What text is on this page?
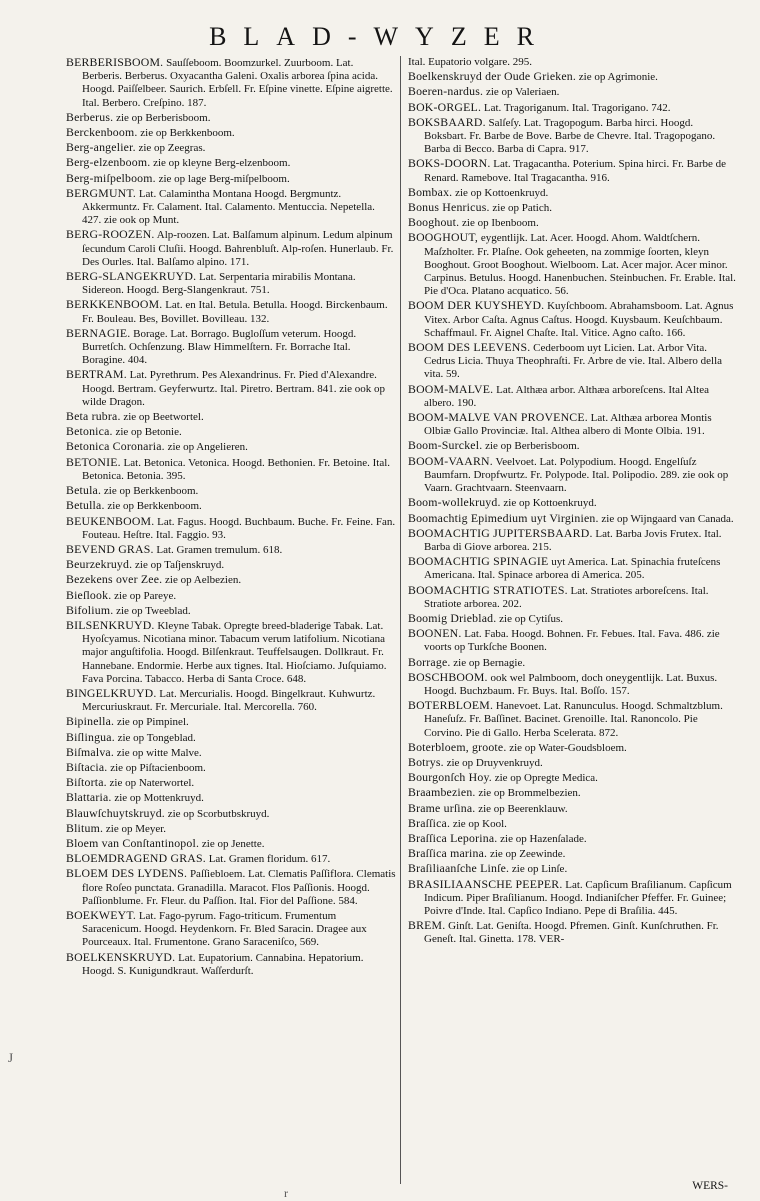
BLAD-WYZER
BERBERISBOOM. Sauſſeboom. Boomzurkel. Zuurboom. Lat. Berberis. Berberus. Oxyacantha Galeni. Oxalis arborea ſpina acida. Hoogd. Paiſſelbeer. Saurich. Erbſell. Fr. Eſpine vinette. Eſpine aigrette. Ital. Berbero. Creſpino. 187.
Berberus. zie op Berberisboom.
Berckenboom. zie op Berkkenboom.
Berg-angelier. zie op Zeegras.
Berg-elzenboom. zie op kleyne Berg-elzenboom.
Berg-miſpelboom. zie op lage Berg-miſpelboom.
BERGMUNT. Lat. Calamintha Montana Hoogd. Bergmuntz. Akkermuntz. Fr. Calament. Ital. Calamento. Mentuccia. Nepetella. 427. zie ook op Munt.
BERG-ROOZEN. Alp-roozen. Lat. Balſamum alpinum. Ledum alpinum ſecundum Caroli Cluſii. Hoogd. Bahrenbluſt. Alp-roſen. Hunerlaub. Fr. Des Ourles. Ital. Balſamo alpino. 171.
BERG-SLANGEKRUYD. Lat. Serpentaria mirabilis Montana. Sidereon. Hoogd. Berg-Slangenkraut. 751.
BERKKENBOOM. Lat. en Ital. Betula. Betulla. Hoogd. Birckenbaum. Fr. Bouleau. Bes, Bovillet. Bovilleau. 132.
BERNAGIE. Borage. Lat. Borrago. Bugloſſum veterum. Hoogd. Burretſch. Ochſenzung. Blaw Himmelſtern. Fr. Borrache Ital. Boragine. 404.
BERTRAM. Lat. Pyrethrum. Pes Alexandrinus. Fr. Pied d'Alexandre. Hoogd. Bertram. Geyferwurtz. Ital. Piretro. Bertram. 841. zie ook op wilde Dragon.
Beta rubra. zie op Beetwortel.
Betonica. zie op Betonie.
Betonica Coronaria. zie op Angelieren.
BETONIE. Lat. Betonica. Vetonica. Hoogd. Bethonien. Fr. Betoine. Ital. Betonica. Betonia. 395.
Betula. zie op Berkkenboom.
Betulla. zie op Berkkenboom.
BEUKENBOOM. Lat. Fagus. Hoogd. Buchbaum. Buche. Fr. Feine. Fan. Fouteau. Heſtre. Ital. Faggio. 93.
BEVEND GRAS. Lat. Gramen tremulum. 618.
Beurzekruyd. zie op Taſjenskruyd.
Bezekens over Zee. zie op Aelbezien.
Bieſlook. zie op Pareye.
Bifolium. zie op Tweeblad.
BILSENKRUYD. Kleyne Tabak. Opregte breed-bladerige Tabak. Lat. Hyoſcyamus. Nicotiana minor. Tabacum verum latifolium. Nicotiana major anguſtifolia. Hoogd. Bilſenkraut. Teuffelsaugen. Dollkraut. Fr. Hannebane. Endormie. Herbe aux tignes. Ital. Hioſciamo. Juſquiamo. Fava Porcina. Tabacco. Herba di Santa Croce. 648.
BINGELKRUYD. Lat. Mercurialis. Hoogd. Bingelkraut. Kuhwurtz. Mercuriuskraut. Fr. Mercuriale. Ital. Mercorella. 760.
Bipinella. zie op Pimpinel.
Biſlingua. zie op Tongeblad.
Biſmalva. zie op witte Malve.
Biſtacia. zie op Piſtacienboom.
Biſtorta. zie op Naterwortel.
Blattaria. zie op Mottenkruyd.
Blauwſchuytskruyd. zie op Scorbutbskruyd.
Blitum. zie op Meyer.
Bloem van Conſtantinopol. zie op Jenette.
BLOEMDRAGEND GRAS. Lat. Gramen floridum. 617.
BLOEM DES LYDENS. Paſſiebloem. Lat. Clematis Paſſiflora. Clematis flore Roſeo punctata. Granadilla. Maracot. Flos Paſſionis. Hoogd. Paſſionblume. Fr. Fleur. du Paſſion. Ital. Fior del Paſſione. 584.
BOEKWEYT. Lat. Fago-pyrum. Fago-triticum. Frumentum Saracenicum. Hoogd. Heydenkorn. Fr. Bled Saracin. Dragee aux Pourceaux. Ital. Frumentone. Grano Saraceniſco, 569.
BOELKENSKRUYD. Lat. Eupatorium. Cannabina. Hepatorium. Hoogd. S. Kunigundkraut. Waſſerdurſt.
Ital. Eupatorio volgare. 295.
Boelkenskruyd der Oude Grieken. zie op Agrimonie.
Boeren-nardus. zie op Valeriaen.
BOK-ORGEL. Lat. Tragoriganum. Ital. Tragorigano. 742.
BOKSBAARD. Salſeſy. Lat. Tragopogum. Barba hirci. Hoogd. Boksbart. Fr. Barbe de Bove. Barbe de Chevre. Ital. Tragopogano. Barba di Becco. Barba di Capra. 917.
BOKS-DOORN. Lat. Tragacantha. Poterium. Spina hirci. Fr. Barbe de Renard. Ramebove. Ital Tragacantha. 916.
Bombax. zie op Kottoenkruyd.
Bonus Henricus. zie op Patich.
Booghout. zie op Ibenboom.
BOOGHOUT, eygentlijk. Lat. Acer. Hoogd. Ahom. Waldtſchern. Maſzholter. Fr. Plaſne. Ook geheeten, na zommige ſoorten, kleyn Booghout. Groot Booghout. Wielboom. Lat. Acer major. Acer minor. Carpinus. Betulus. Hoogd. Hanenbuchen. Steinbuchen. Fr. Erable. Ital. Pie d'Oca. Platano acquatico. 56.
BOOM DER KUYSHEYD. Kuyſchboom. Abrahamsboom. Lat. Agnus Vitex. Arbor Caſta. Agnus Caſtus. Hoogd. Kuysbaum. Keuſchbaum. Schaffmaul. Fr. Aignel Chaſte. Ital. Vitice. Agno caſto. 166.
BOOM DES LEEVENS. Cederboom uyt Licien. Lat. Arbor Vita. Cedrus Licia. Thuya Theophraſti. Fr. Arbre de vie. Ital. Albero della vita. 59.
BOOM-MALVE. Lat. Althæa arbor. Althæa arboreſcens. Ital Altea albero. 190.
BOOM-MALVE VAN PROVENCE. Lat. Althæa arborea Montis Olbiæ Gallo Provinciæ. Ital. Althea albero di Monte Olbia. 191.
Boom-Surckel. zie op Berberisboom.
BOOM-VAARN. Veelvoet. Lat. Polypodium. Hoogd. Engelſuſz Baumfarn. Dropfwurtz. Fr. Polypode. Ital. Polipodio. 289. zie ook op Vaarn. Grachtvaarn. Steenvaarn.
Boom-wollekruyd. zie op Kottoenkruyd.
Boomachtig Epimedium uyt Virginien. zie op Wijngaard van Canada.
BOOMACHTIG JUPITERSBAARD. Lat. Barba Jovis Frutex. Ital. Barba di Giove arborea. 215.
BOOMACHTIG SPINAGIE uyt America. Lat. Spinachia fruteſcens Americana. Ital. Spinace arborea di America. 205.
BOOMACHTIG STRATIOTES. Lat. Stratiotes arboreſcens. Ital. Stratiote arborea. 202.
Boomig Drieblad. zie op Cytiſus.
BOONEN. Lat. Faba. Hoogd. Bohnen. Fr. Febues. Ital. Fava. 486. zie voorts op Turkſche Boonen.
Borrage. zie op Bernagie.
BOSCHBOOM. ook wel Palmboom, doch oneygentlijk. Lat. Buxus. Hoogd. Buchzbaum. Fr. Buys. Ital. Boſſo. 157.
BOTERBLOEM. Hanevoet. Lat. Ranunculus. Hoogd. Schmaltzblum. Haneſuſz. Fr. Baſſinet. Bacinet. Grenoille. Ital. Ranoncolo. Pie Corvino. Pie di Gallo. Herba Scelerata. 872.
Boterbloem, groote. zie op Water-Goudsbloem.
Botrys. zie op Druyvenkruyd.
Bourgonſch Hoy. zie op Opregte Medica.
Braambezien. zie op Brommelbezien.
Brame urſina. zie op Beerenklauw.
Braſſica. zie op Kool.
Braſſica Leporina. zie op Hazenſalade.
Braſſica marina. zie op Zeewinde.
Braſiliaanſche Linſe. zie op Linſe.
BRASILIAANSCHE PEEPER. Lat. Capſicum Braſilianum. Capſicum Indicum. Piper Braſilianum. Hoogd. Indianiſcher Pfeffer. Fr. Guinee; Poivre d'Inde. Ital. Capſico Indiano. Pepe di Braſilia. 445.
BREM. Ginſt. Lat. Geniſta. Hoogd. Pfremen. Ginſt. Kunſchruthen. Fr. Geneſt. Ital. Ginetta. 178. VER-
WERS-
J
r
